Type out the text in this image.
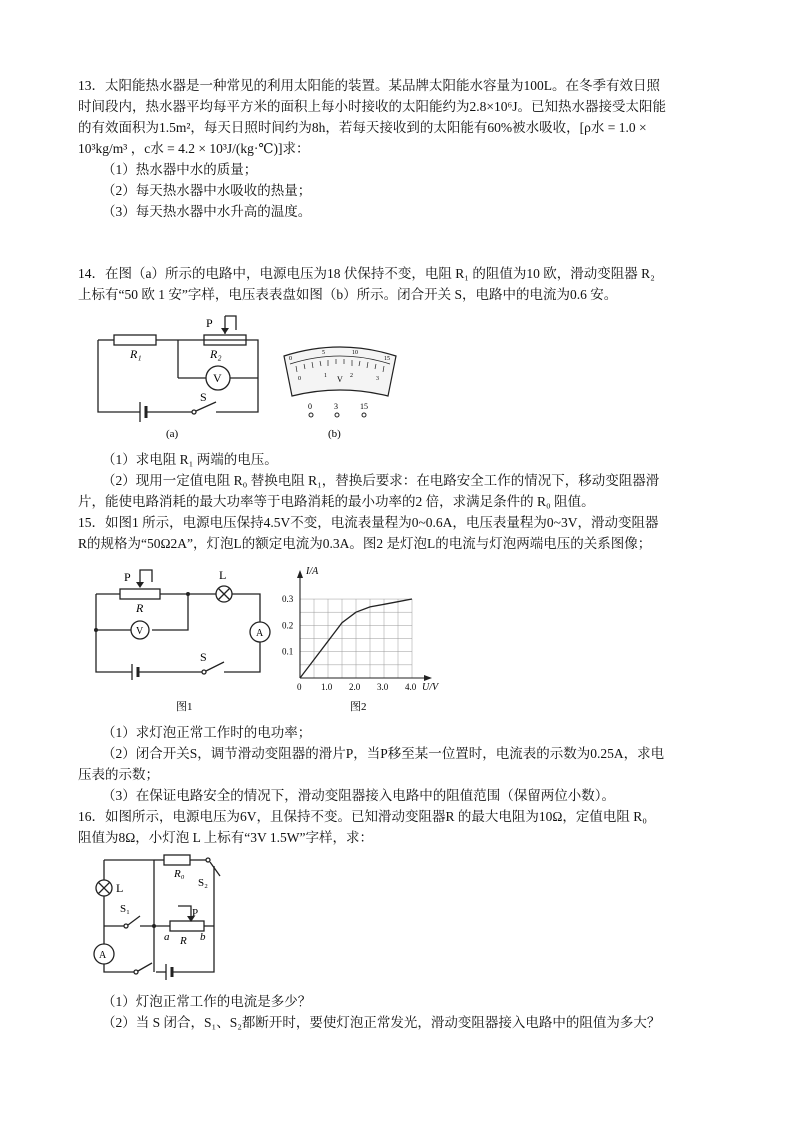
13．太阳能热水器是一种常见的利用太阳能的装置。某品牌太阳能水容量为100L。在冬季有效日照
时间段内，热水器平均每平方米的面积上每小时接收的太阳能约为2.8×10⁶J。已知热水器接受太阳能
的有效面积为1.5m²，每天日照时间约为8h，若每天接收到的太阳能有60%被水吸收，[ρ水 = 1.0 ×
10³kg/m³ ，c水 = 4.2 × 10³J/(kg·℃)]求：
（1）热水器中水的质量；
（2）每天热水器中水吸收的热量；
（3）每天热水器中水升高的温度。
14．在图（a）所示的电路中，电源电压为18 伏保持不变，电阻 R₁ 的阻值为10 欧，滑动变阻器 R₂
上标有“50 欧 1 安”字样，电压表表盘如图（b）所示。闭合开关 S，电路中的电流为0.6 安。
R₁	R₂
P
V
S
(a)
0
5	10
15
0	1	2	3
V
0	3	15
(b)
（1）求电阻 R₁ 两端的电压。
（2）现用一定值电阻 R₀ 替换电阻 R₁，替换后要求：在电路安全工作的情况下，移动变阻器滑
片，能使电路消耗的最大功率等于电路消耗的最小功率的2 倍，求满足条件的 R₀ 阻值。
15．如图1 所示，电源电压保持4.5V不变，电流表量程为0~0.6A，电压表量程为0~3V，滑动变阻器
R的规格为“50Ω2A”，灯泡L的额定电流为0.3A。图2 是灯泡L的电流与灯泡两端电压的关系图像；
P
R
L
V	A
S
图1
0.1
0.2
0.3
0 1.0 2.0 3.0 4.0
I/A
U/V
图2
（1）求灯泡正常工作时的电功率；
（2）闭合开关S，调节滑动变阻器的滑片P，当P移至某一位置时，电流表的示数为0.25A，求电
压表的示数；
（3）在保证电路安全的情况下，滑动变阻器接入电路中的阻值范围（保留两位小数）。
16．如图所示，电源电压为6V，且保持不变。已知滑动变阻器R 的最大电阻为10Ω，定值电阻 R₀
阻值为8Ω，小灯泡 L 上标有“3V 1.5W”字样，求：
R₀
S₂
L
S₁	P
a R b
A
（1）灯泡正常工作的电流是多少？
（2）当 S 闭合，S₁、S₂都断开时，要使灯泡正常发光，滑动变阻器接入电路中的阻值为多大？
